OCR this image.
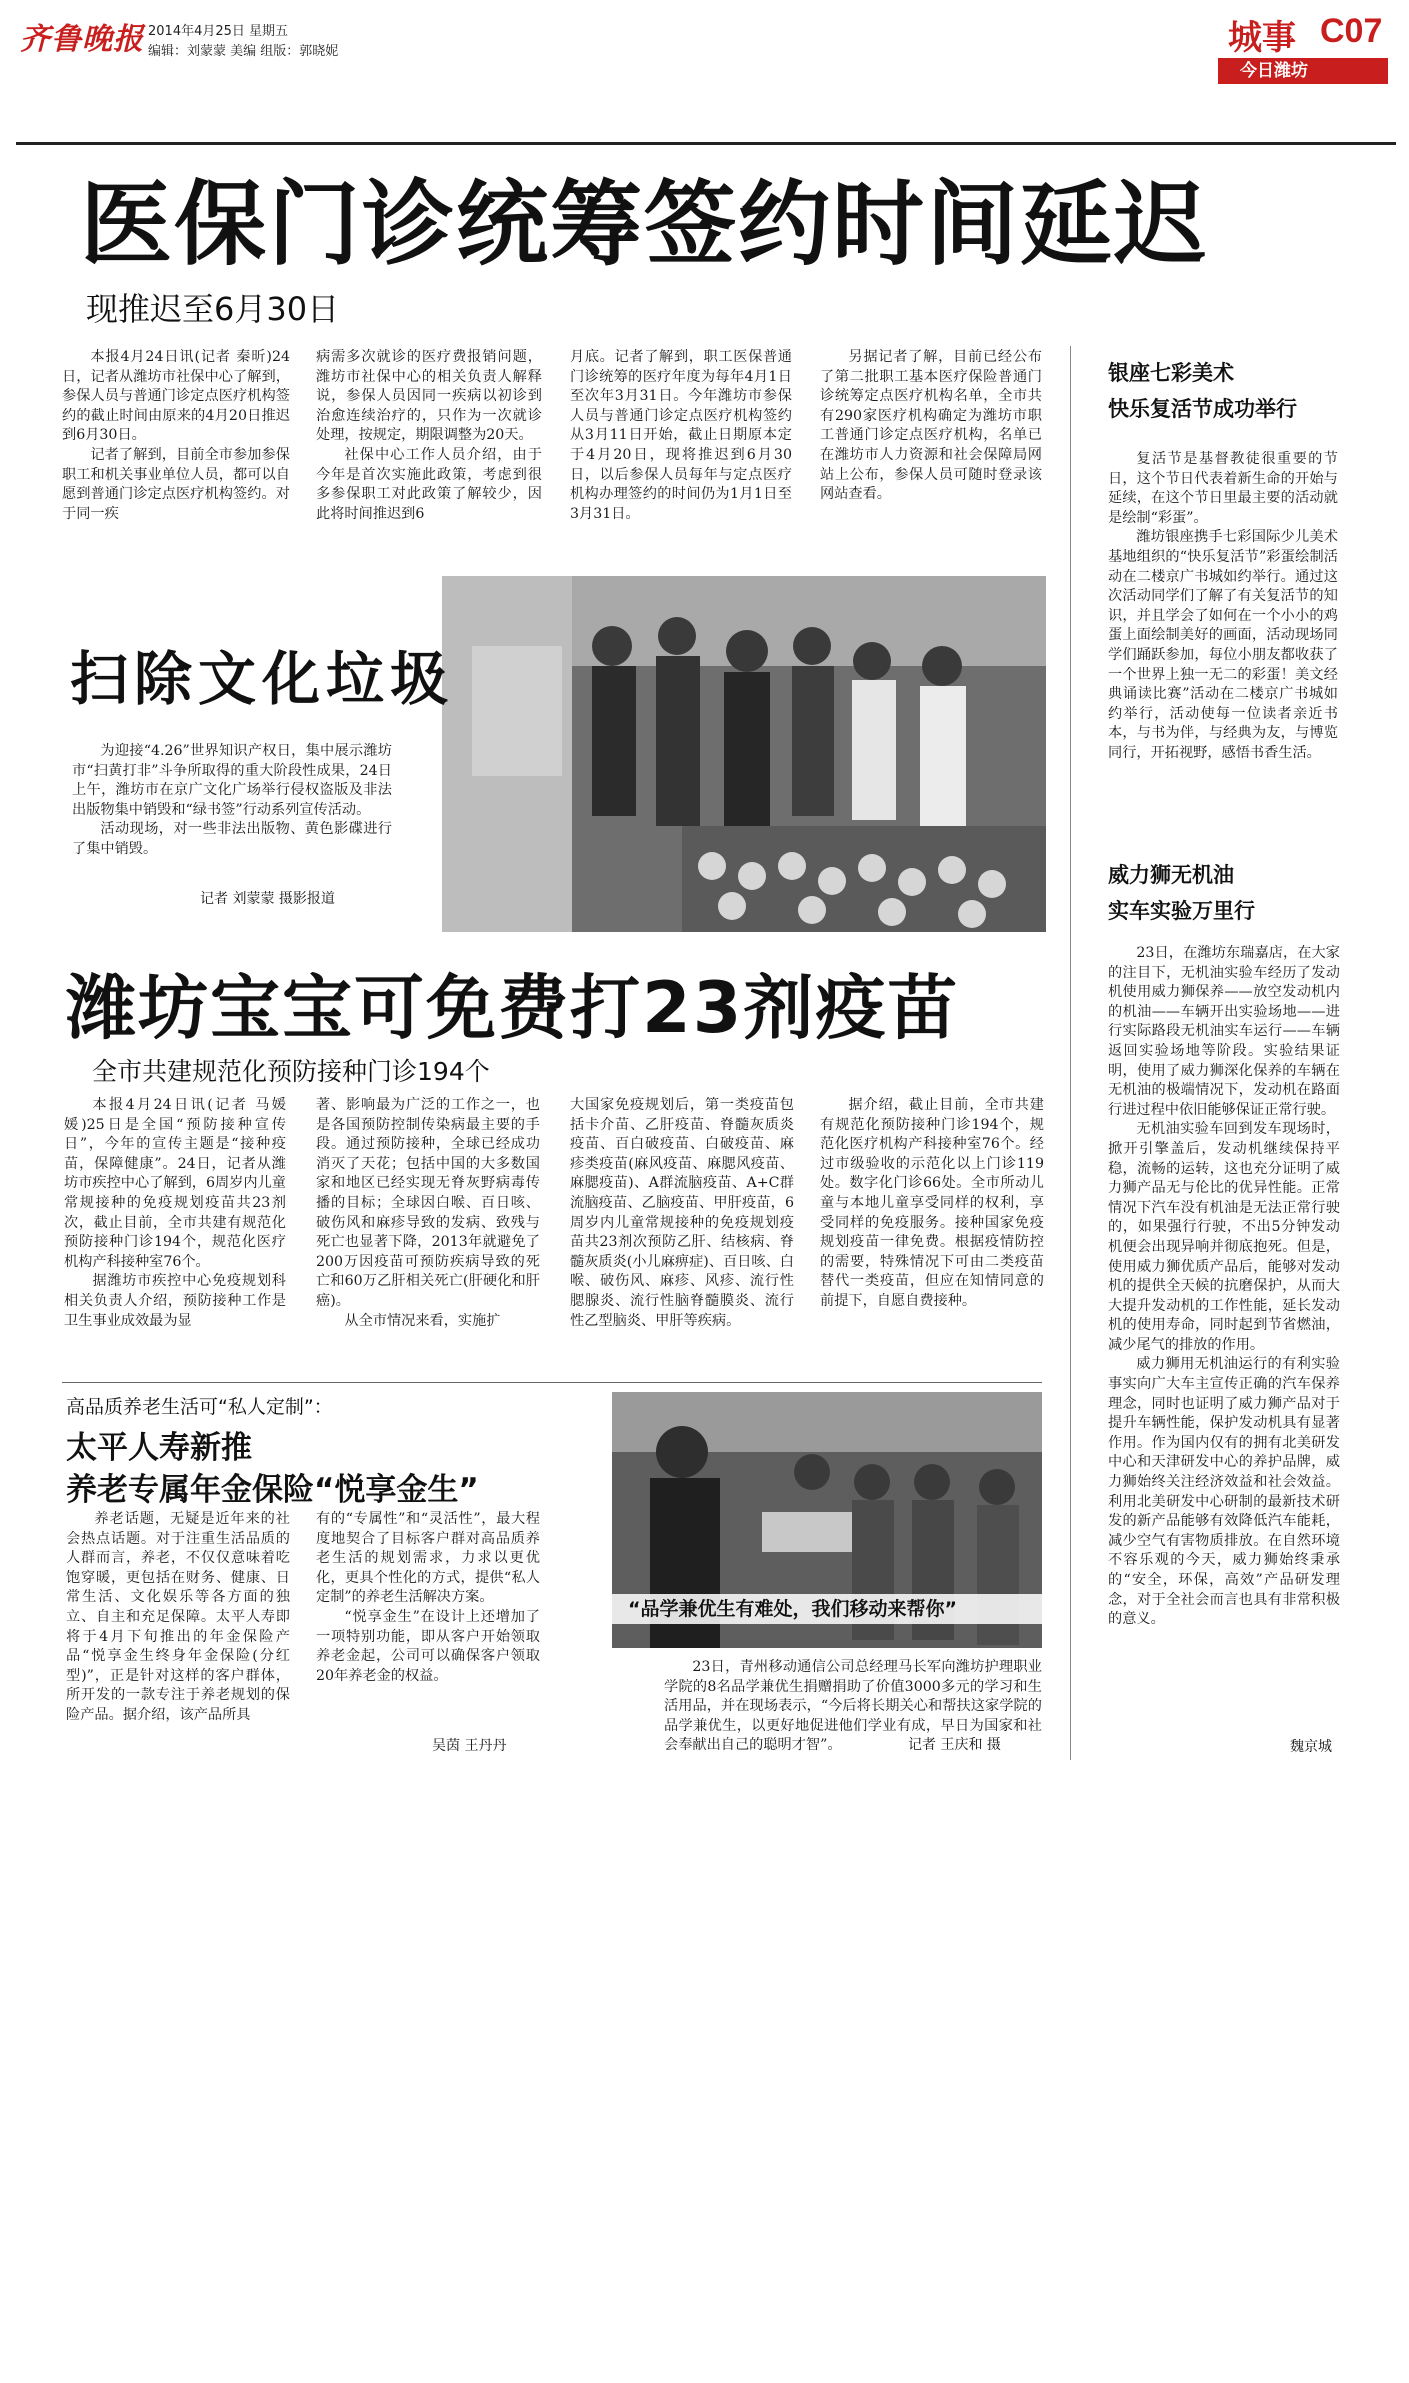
齐鲁晚报 2014年4月25日 星期五
编辑：刘蒙蒙 美编 组版：郭晓妮	城事 C07
今日潍坊
医保门诊统筹签约时间延迟
现推迟至6月30日

本报4月24日讯(记者 秦昕)24日，记者从潍坊市社保中心了解到，参保人员与普通门诊定点医疗机构签约的截止时间由原来的4月20日推迟到6月30日。

记者了解到，目前全市参加参保职工和机关事业单位人员，都可以自愿到普通门诊定点医疗机构签约。对于同一疾

病需多次就诊的医疗费报销问题，潍坊市社保中心的相关负责人解释说，参保人员因同一疾病以初诊到治愈连续治疗的，只作为一次就诊处理，按规定，期限调整为20天。

社保中心工作人员介绍，由于今年是首次实施此政策，考虑到很多参保职工对此政策了解较少，因此将时间推迟到6

月底。记者了解到，职工医保普通门诊统筹的医疗年度为每年4月1日至次年3月31日。今年潍坊市参保人员与普通门诊定点医疗机构签约从3月11日开始，截止日期原本定于4月20日，现将推迟到6月30日，以后参保人员每年与定点医疗机构办理签约的时间仍为1月1日至3月31日。

另据记者了解，目前已经公布了第二批职工基本医疗保险普通门诊统筹定点医疗机构名单，全市共有290家医疗机构确定为潍坊市职工普通门诊定点医疗机构，名单已在潍坊市人力资源和社会保障局网站上公布，参保人员可随时登录该网站查看。

扫除文化垃圾

为迎接“4.26”世界知识产权日，集中展示潍坊市“扫黄打非”斗争所取得的重大阶段性成果，24日上午，潍坊市在京广文化广场举行侵权盗版及非法出版物集中销毁和“绿书签”行动系列宣传活动。

活动现场，对一些非法出版物、黄色影碟进行了集中销毁。

记者 刘蒙蒙 摄影报道
潍坊宝宝可免费打23剂疫苗
全市共建规范化预防接种门诊194个

本报4月24日讯(记者 马媛媛)25日是全国“预防接种宣传日”，今年的宣传主题是“接种疫苗，保障健康”。24日，记者从潍坊市疾控中心了解到，6周岁内儿童常规接种的免疫规划疫苗共23剂次，截止目前，全市共建有规范化预防接种门诊194个，规范化医疗机构产科接种室76个。

据潍坊市疾控中心免疫规划科相关负责人介绍，预防接种工作是卫生事业成效最为显

著、影响最为广泛的工作之一，也是各国预防控制传染病最主要的手段。通过预防接种，全球已经成功消灭了天花；包括中国的大多数国家和地区已经实现无脊灰野病毒传播的目标；全球因白喉、百日咳、破伤风和麻疹导致的发病、致残与死亡也显著下降，2013年就避免了200万因疫苗可预防疾病导致的死亡和60万乙肝相关死亡(肝硬化和肝癌)。

从全市情况来看，实施扩

大国家免疫规划后，第一类疫苗包括卡介苗、乙肝疫苗、脊髓灰质炎疫苗、百白破疫苗、白破疫苗、麻疹类疫苗(麻风疫苗、麻腮风疫苗、麻腮疫苗)、A群流脑疫苗、A+C群流脑疫苗、乙脑疫苗、甲肝疫苗，6周岁内儿童常规接种的免疫规划疫苗共23剂次预防乙肝、结核病、脊髓灰质炎(小儿麻痹症)、百日咳、白喉、破伤风、麻疹、风疹、流行性腮腺炎、流行性脑脊髓膜炎、流行性乙型脑炎、甲肝等疾病。

据介绍，截止目前，全市共建有规范化预防接种门诊194个，规范化医疗机构产科接种室76个。经过市级验收的示范化以上门诊119处。数字化门诊66处。全市所动儿童与本地儿童享受同样的权利，享受同样的免疫服务。接种国家免疫规划疫苗一律免费。根据疫情防控的需要，特殊情况下可由二类疫苗替代一类疫苗，但应在知情同意的前提下，自愿自费接种。

高品质养老生活可“私人定制”：
太平人寿新推
养老专属年金保险“悦享金生”

养老话题，无疑是近年来的社会热点话题。对于注重生活品质的人群而言，养老，不仅仅意味着吃饱穿暖，更包括在财务、健康、日常生活、文化娱乐等各方面的独立、自主和充足保障。太平人寿即将于4月下旬推出的年金保险产品“悦享金生终身年金保险(分红型)”，正是针对这样的客户群体，所开发的一款专注于养老规划的保险产品。据介绍，该产品所具

有的“专属性”和“灵活性”，最大程度地契合了目标客户群对高品质养老生活的规划需求，力求以更优化，更具个性化的方式，提供“私人定制”的养老生活解决方案。

“悦享金生”在设计上还增加了一项特别功能，即从客户开始领取养老金起，公司可以确保客户领取20年养老金的权益。

吴茵 王丹丹
“品学兼优生有难处，我们移动来帮你”

23日，青州移动通信公司总经理马长军向潍坊护理职业学院的8名品学兼优生捐赠捐助了价值3000多元的学习和生活用品，并在现场表示，“今后将长期关心和帮扶这家学院的品学兼优生，以更好地促进他们学业有成，早日为国家和社会奉献出自己的聪明才智”。	记者 王庆和 摄
银座七彩美术
快乐复活节成功举行

复活节是基督教徒很重要的节日，这个节日代表着新生命的开始与延续，在这个节日里最主要的活动就是绘制“彩蛋”。

潍坊银座携手七彩国际少儿美术基地组织的“快乐复活节”彩蛋绘制活动在二楼京广书城如约举行。通过这次活动同学们了解了有关复活节的知识，并且学会了如何在一个小小的鸡蛋上面绘制美好的画面，活动现场同学们踊跃参加，每位小朋友都收获了一个世界上独一无二的彩蛋！美文经典诵读比赛”活动在二楼京广书城如约举行，活动使每一位读者亲近书本，与书为伴，与经典为友，与博览同行，开拓视野，感悟书香生活。

威力狮无机油
实车实验万里行

23日，在潍坊东瑞嘉店，在大家的注目下，无机油实验车经历了发动机使用威力狮保养——放空发动机内的机油——车辆开出实验场地——进行实际路段无机油实车运行——车辆返回实验场地等阶段。实验结果证明，使用了威力狮深化保养的车辆在无机油的极端情况下，发动机在路面行进过程中依旧能够保证正常行驶。

无机油实验车回到发车现场时，掀开引擎盖后，发动机继续保持平稳，流畅的运转，这也充分证明了威力狮产品无与伦比的优异性能。正常情况下汽车没有机油是无法正常行驶的，如果强行行驶，不出5分钟发动机便会出现异响并彻底抱死。但是，使用威力狮优质产品后，能够对发动机的提供全天候的抗磨保护，从而大大提升发动机的工作性能，延长发动机的使用寿命，同时起到节省燃油，减少尾气的排放的作用。

威力狮用无机油运行的有利实验事实向广大车主宣传正确的汽车保养理念，同时也证明了威力狮产品对于提升车辆性能，保护发动机具有显著作用。作为国内仅有的拥有北美研发中心和天津研发中心的养护品牌，威力狮始终关注经济效益和社会效益。利用北美研发中心研制的最新技术研发的新产品能够有效降低汽车能耗，减少空气有害物质排放。在自然环境不容乐观的今天，威力狮始终秉承的“安全，环保，高效”产品研发理念，对于全社会而言也具有非常积极的意义。

魏京城
